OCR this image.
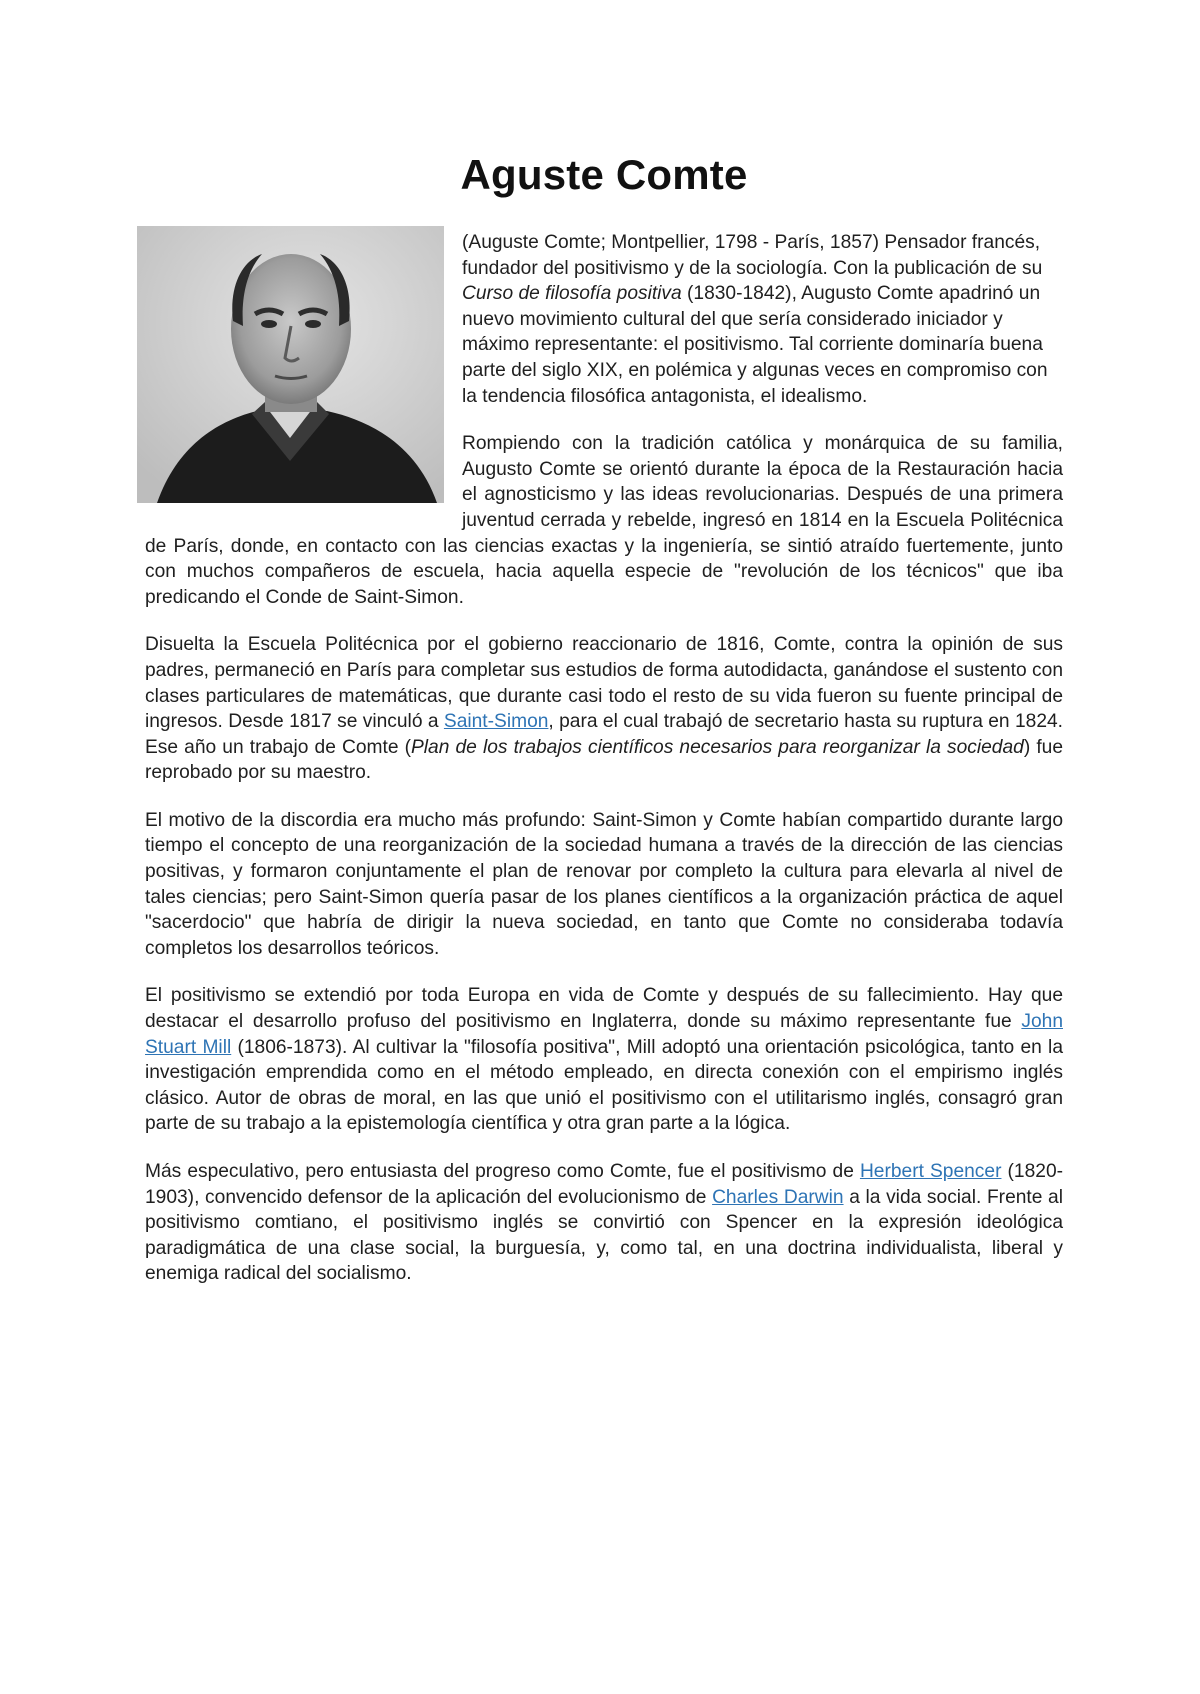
Aguste Comte

(Auguste Comte; Montpellier, 1798 - París, 1857) Pensador francés, fundador del positivismo y de la sociología. Con la publicación de su Curso de filosofía positiva (1830-1842), Augusto Comte apadrinó un nuevo movimiento cultural del que sería considerado iniciador y máximo representante: el positivismo. Tal corriente dominaría buena parte del siglo XIX, en polémica y algunas veces en compromiso con la tendencia filosófica antagonista, el idealismo.

Rompiendo con la tradición católica y monárquica de su familia, Augusto Comte se orientó durante la época de la Restauración hacia el agnosticismo y las ideas revolucionarias. Después de una primera juventud cerrada y rebelde, ingresó en 1814 en la Escuela Politécnica de París, donde, en contacto con las ciencias exactas y la ingeniería, se sintió atraído fuertemente, junto con muchos compañeros de escuela, hacia aquella especie de "revolución de los técnicos" que iba predicando el Conde de Saint-Simon.

Disuelta la Escuela Politécnica por el gobierno reaccionario de 1816, Comte, contra la opinión de sus padres, permaneció en París para completar sus estudios de forma autodidacta, ganándose el sustento con clases particulares de matemáticas, que durante casi todo el resto de su vida fueron su fuente principal de ingresos. Desde 1817 se vinculó a Saint-Simon, para el cual trabajó de secretario hasta su ruptura en 1824. Ese año un trabajo de Comte (Plan de los trabajos científicos necesarios para reorganizar la sociedad) fue reprobado por su maestro.

El motivo de la discordia era mucho más profundo: Saint-Simon y Comte habían compartido durante largo tiempo el concepto de una reorganización de la sociedad humana a través de la dirección de las ciencias positivas, y formaron conjuntamente el plan de renovar por completo la cultura para elevarla al nivel de tales ciencias; pero Saint-Simon quería pasar de los planes científicos a la organización práctica de aquel "sacerdocio" que habría de dirigir la nueva sociedad, en tanto que Comte no consideraba todavía completos los desarrollos teóricos.

El positivismo se extendió por toda Europa en vida de Comte y después de su fallecimiento. Hay que destacar el desarrollo profuso del positivismo en Inglaterra, donde su máximo representante fue John Stuart Mill (1806-1873). Al cultivar la "filosofía positiva", Mill adoptó una orientación psicológica, tanto en la investigación emprendida como en el método empleado, en directa conexión con el empirismo inglés clásico. Autor de obras de moral, en las que unió el positivismo con el utilitarismo inglés, consagró gran parte de su trabajo a la epistemología científica y otra gran parte a la lógica.

Más especulativo, pero entusiasta del progreso como Comte, fue el positivismo de Herbert Spencer (1820-1903), convencido defensor de la aplicación del evolucionismo de Charles Darwin a la vida social. Frente al positivismo comtiano, el positivismo inglés se convirtió con Spencer en la expresión ideológica paradigmática de una clase social, la burguesía, y, como tal, en una doctrina individualista, liberal y enemiga radical del socialismo.
